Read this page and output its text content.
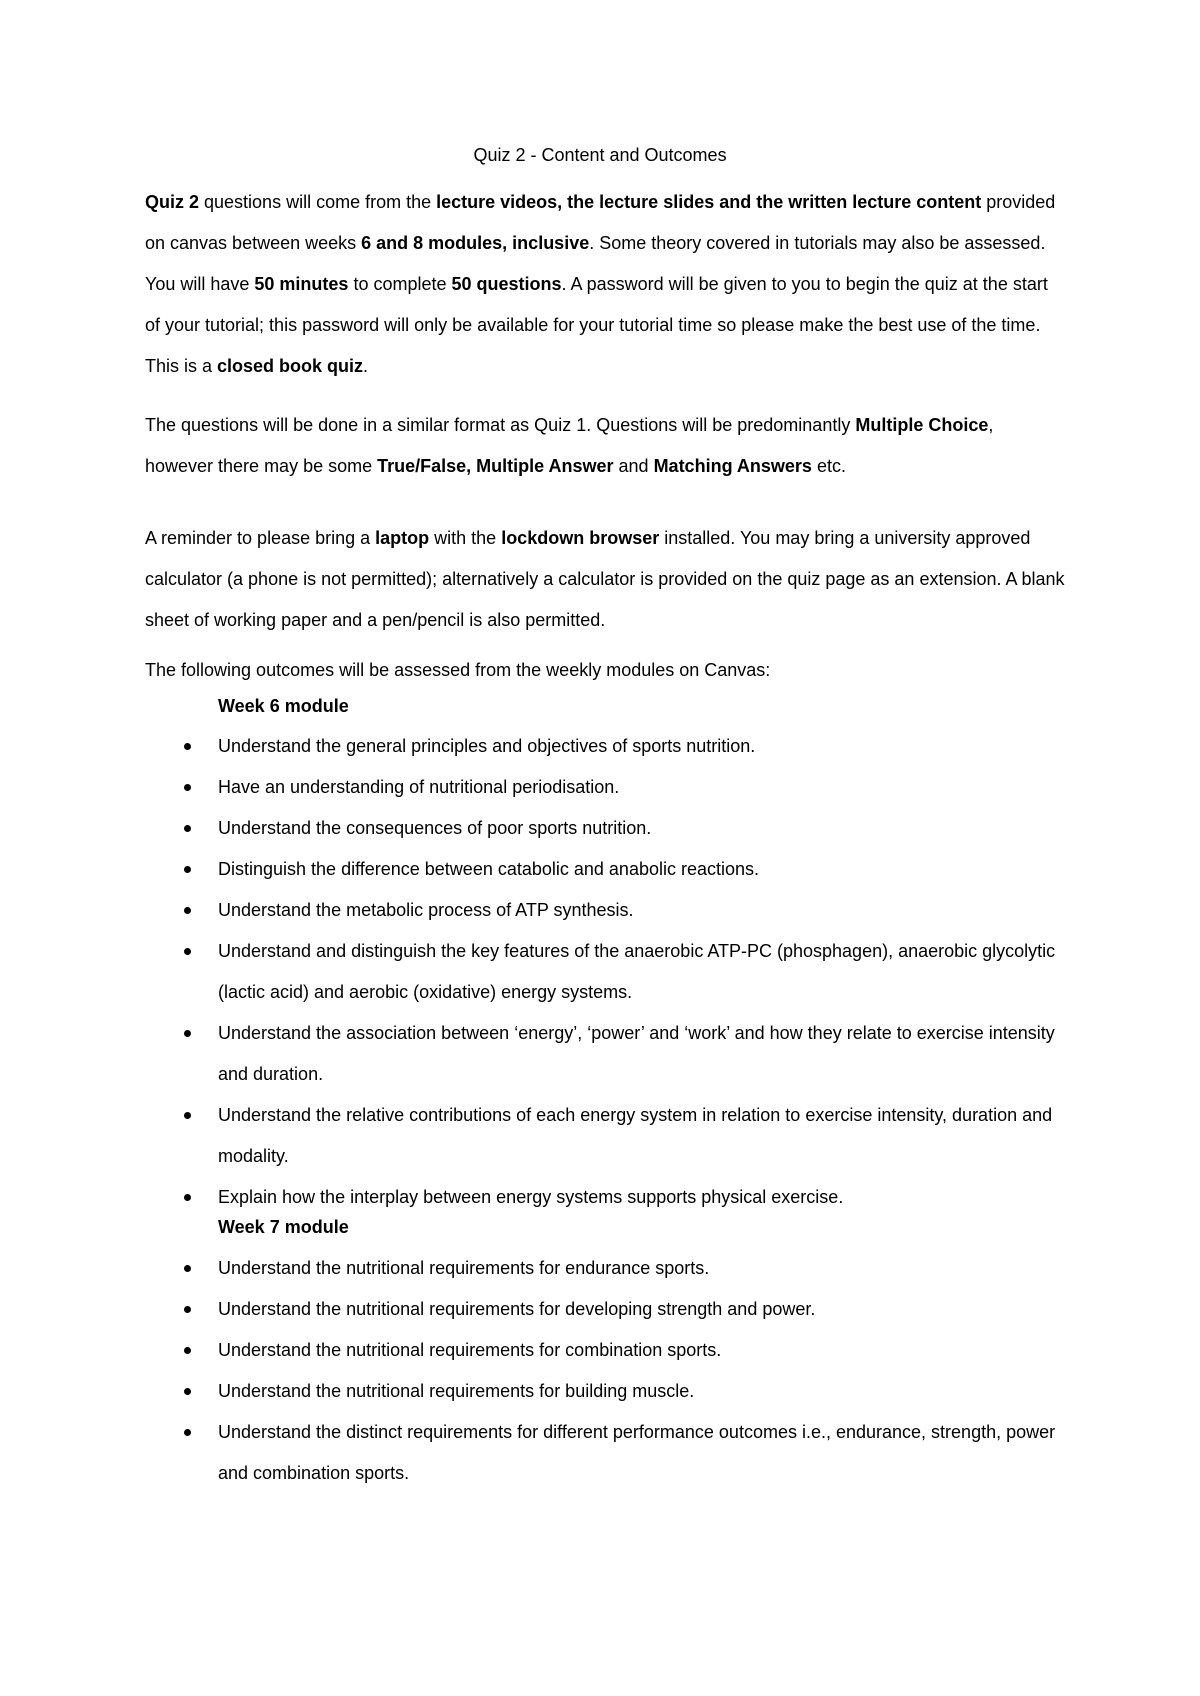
Quiz 2 - Content and Outcomes

Quiz 2 questions will come from the lecture videos, the lecture slides and the written lecture content provided on canvas between weeks 6 and 8 modules, inclusive. Some theory covered in tutorials may also be assessed. You will have 50 minutes to complete 50 questions. A password will be given to you to begin the quiz at the start of your tutorial; this password will only be available for your tutorial time so please make the best use of the time. This is a closed book quiz.

The questions will be done in a similar format as Quiz 1. Questions will be predominantly Multiple Choice, however there may be some True/False, Multiple Answer and Matching Answers etc.

A reminder to please bring a laptop with the lockdown browser installed. You may bring a university approved calculator (a phone is not permitted); alternatively a calculator is provided on the quiz page as an extension. A blank sheet of working paper and a pen/pencil is also permitted.

The following outcomes will be assessed from the weekly modules on Canvas:

Week 6 module
Understand the general principles and objectives of sports nutrition.
Have an understanding of nutritional periodisation.
Understand the consequences of poor sports nutrition.
Distinguish the difference between catabolic and anabolic reactions.
Understand the metabolic process of ATP synthesis.
Understand and distinguish the key features of the anaerobic ATP-PC (phosphagen), anaerobic glycolytic (lactic acid) and aerobic (oxidative) energy systems.
Understand the association between ‘energy’, ‘power’ and ‘work’ and how they relate to exercise intensity and duration.
Understand the relative contributions of each energy system in relation to exercise intensity, duration and modality.
Explain how the interplay between energy systems supports physical exercise.
Week 7 module
Understand the nutritional requirements for endurance sports.
Understand the nutritional requirements for developing strength and power.
Understand the nutritional requirements for combination sports.
Understand the nutritional requirements for building muscle.
Understand the distinct requirements for different performance outcomes i.e., endurance, strength, power and combination sports.
